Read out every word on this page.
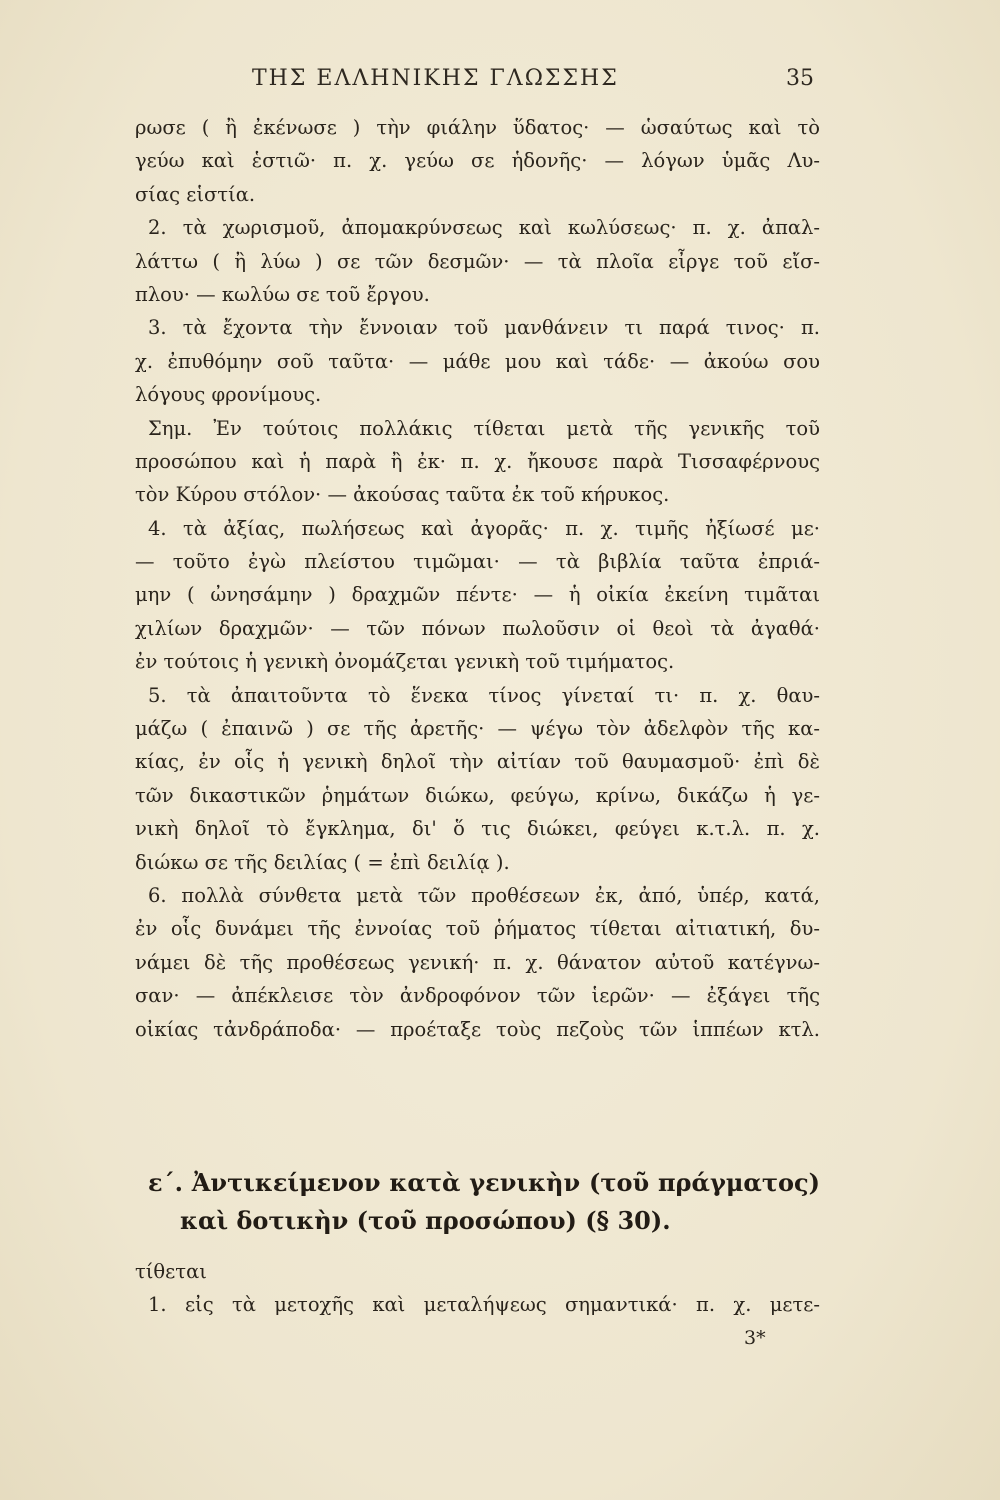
ΤΗΣ ΕΛΛΗΝΙΚΗΣ ΓΛΩΣΣΗΣ	35
ρωσε ( ἢ ἐκένωσε ) τὴν φιάλην ὕδατος· — ὡσαύτως καὶ τὸ
γεύω καὶ ἑστιῶ· π. χ. γεύω σε ἡδονῆς· — λόγων ὑμᾶς Λυ-
σίας εἱστία.
2. τὰ χωρισμοῦ, ἀπομακρύνσεως καὶ κωλύσεως· π. χ. ἀπαλ-
λάττω ( ἢ λύω ) σε τῶν δεσμῶν· — τὰ πλοῖα εἶργε τοῦ εἴσ-
πλου· — κωλύω σε τοῦ ἔργου.
3. τὰ ἔχοντα τὴν ἔννοιαν τοῦ μανθάνειν τι παρά τινος· π.
χ. ἐπυθόμην σοῦ ταῦτα· — μάθε μου καὶ τάδε· — ἀκούω σου
λόγους φρονίμους.
Σημ. Ἐν τούτοις πολλάκις τίθεται μετὰ τῆς γενικῆς τοῦ
προσώπου καὶ ἡ παρὰ ἢ ἐκ· π. χ. ἤκουσε παρὰ Τισσαφέρνους
τὸν Κύρου στόλον· — ἀκούσας ταῦτα ἐκ τοῦ κήρυκος.
4. τὰ ἀξίας, πωλήσεως καὶ ἀγορᾶς· π. χ. τιμῆς ἠξίωσέ με·
— τοῦτο ἐγὼ πλείστου τιμῶμαι· — τὰ βιβλία ταῦτα ἐπριά-
μην ( ὠνησάμην ) δραχμῶν πέντε· — ἡ οἰκία ἐκείνη τιμᾶται
χιλίων δραχμῶν· — τῶν πόνων πωλοῦσιν οἱ θεοὶ τὰ ἀγαθά·
ἐν τούτοις ἡ γενικὴ ὀνομάζεται γενικὴ τοῦ τιμήματος.
5. τὰ ἀπαιτοῦντα τὸ ἕνεκα τίνος γίνεταί τι· π. χ. θαυ-
μάζω ( ἐπαινῶ ) σε τῆς ἀρετῆς· — ψέγω τὸν ἀδελφὸν τῆς κα-
κίας, ἐν οἷς ἡ γενικὴ δηλοῖ τὴν αἰτίαν τοῦ θαυμασμοῦ· ἐπὶ δὲ
τῶν δικαστικῶν ῥημάτων διώκω, φεύγω, κρίνω, δικάζω ἡ γε-
νικὴ δηλοῖ τὸ ἔγκλημα, δι' ὅ τις διώκει, φεύγει κ.τ.λ. π. χ.
διώκω σε τῆς δειλίας ( = ἐπὶ δειλίᾳ ).
6. πολλὰ σύνθετα μετὰ τῶν προθέσεων ἐκ, ἀπό, ὑπέρ, κατά,
ἐν οἷς δυνάμει τῆς ἐννοίας τοῦ ῥήματος τίθεται αἰτιατική, δυ-
νάμει δὲ τῆς προθέσεως γενική· π. χ. θάνατον αὐτοῦ κατέγνω-
σαν· — ἀπέκλεισε τὸν ἀνδροφόνον τῶν ἱερῶν· — ἐξάγει τῆς
οἰκίας τἀνδράποδα· — προέταξε τοὺς πεζοὺς τῶν ἱππέων κτλ.
ε΄. Ἀντικείμενον κατὰ γενικὴν (τοῦ πράγματος)
καὶ δοτικὴν (τοῦ προσώπου) (§ 30).
τίθεται
1. εἰς τὰ μετοχῆς καὶ μεταλήψεως σημαντικά· π. χ. μετε-
3*
